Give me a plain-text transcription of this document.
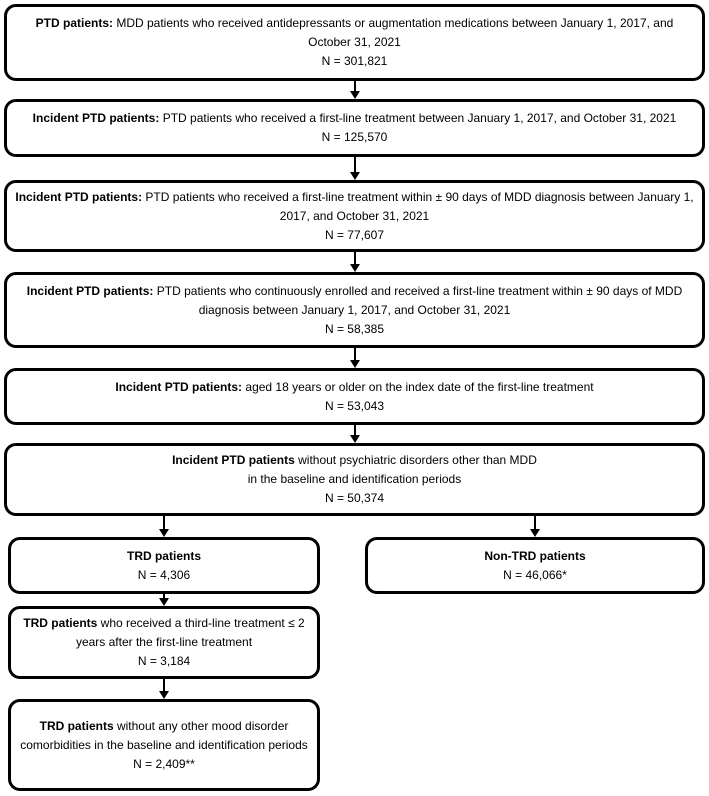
PTD patients: MDD patients who received antidepressants or augmentation medications between January 1, 2017, and October 31, 2021
N = 301,821
Incident PTD patients: PTD patients who received a first-line treatment between January 1, 2017, and October 31, 2021
N = 125,570
Incident PTD patients: PTD patients who received a first-line treatment within ± 90 days of MDD diagnosis between January 1, 2017, and October 31, 2021
N = 77,607
Incident PTD patients: PTD patients who continuously enrolled and received a first-line treatment within ± 90 days of MDD diagnosis between January 1, 2017, and October 31, 2021
N = 58,385
Incident PTD patients: aged 18 years or older on the index date of the first-line treatment
N = 53,043
Incident PTD patients without psychiatric disorders other than MDD
in the baseline and identification periods
N = 50,374
TRD patients
N = 4,306
Non-TRD patients
N = 46,066*
TRD patients who received a third-line treatment ≤ 2 years after the first-line treatment
N = 3,184
TRD patients without any other mood disorder comorbidities in the baseline and identification periods
N = 2,409**
